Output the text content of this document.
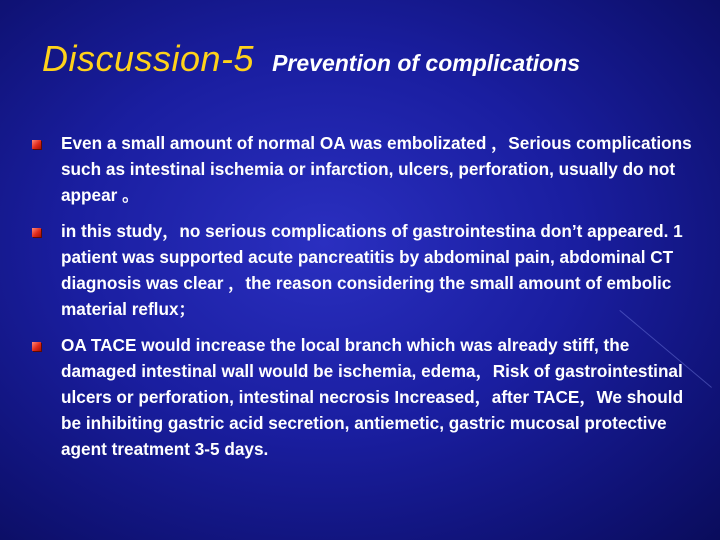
Discussion-5 Prevention of complications
Even a small amount of normal OA was embolizated ，Serious complications such as intestinal ischemia or infarction, ulcers, perforation, usually do not appear 。
in this study，no serious complications of gastrointestina don’t appeared. 1 patient was supported acute pancreatitis by abdominal pain, abdominal CT diagnosis was clear ，the reason considering the small amount of embolic material reflux；
OA TACE would increase the local branch which was already stiff, the damaged intestinal wall would be ischemia, edema，Risk of gastrointestinal ulcers or perforation, intestinal necrosis Increased，after TACE，We should be inhibiting gastric acid secretion, antiemetic, gastric mucosal protective agent treatment 3-5 days.
